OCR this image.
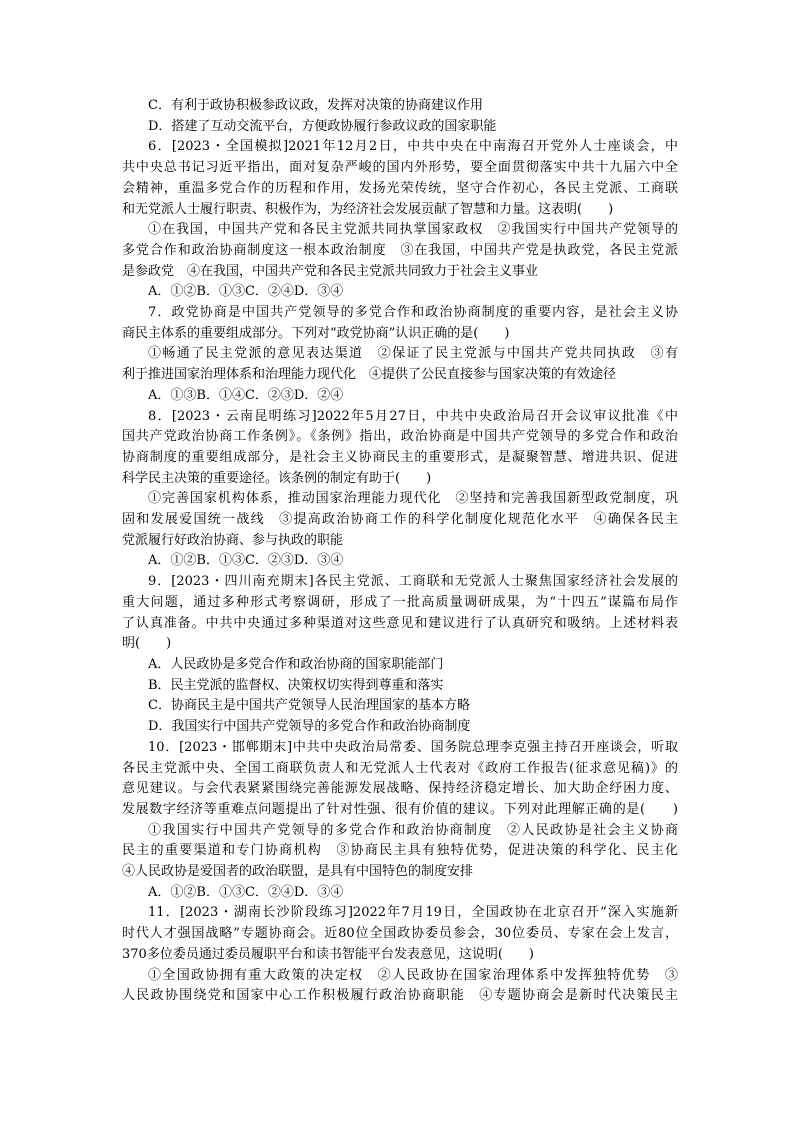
C．有利于政协积极参政议政，发挥对决策的协商建议作用
D．搭建了互动交流平台，方便政协履行参政议政的国家职能
6．[2023・全国模拟]2021年12月2日，中共中央在中南海召开党外人士座谈会，中
共中央总书记习近平指出，面对复杂严峻的国内外形势，要全面贯彻落实中共十九届六中全
会精神，重温多党合作的历程和作用，发扬光荣传统，坚守合作初心，各民主党派、工商联
和无党派人士履行职责、积极作为，为经济社会发展贡献了智慧和力量。这表明(　　)
①在我国，中国共产党和各民主党派共同执掌国家政权　②我国实行中国共产党领导的
多党合作和政治协商制度这一根本政治制度　③在我国，中国共产党是执政党，各民主党派
是参政党　④在我国，中国共产党和各民主党派共同致力于社会主义事业
A．①②B．①③C．②④D．③④
7．政党协商是中国共产党领导的多党合作和政治协商制度的重要内容，是社会主义协
商民主体系的重要组成部分。下列对“政党协商”认识正确的是(　　)
①畅通了民主党派的意见表达渠道　②保证了民主党派与中国共产党共同执政　③有
利于推进国家治理体系和治理能力现代化　④提供了公民直接参与国家决策的有效途径
A．①③B．①④C．②③D．②④
8．[2023・云南昆明练习]2022年5月27日，中共中央政治局召开会议审议批准《中
国共产党政治协商工作条例》。《条例》指出，政治协商是中国共产党领导的多党合作和政治
协商制度的重要组成部分，是社会主义协商民主的重要形式，是凝聚智慧、增进共识、促进
科学民主决策的重要途径。该条例的制定有助于(　　)
①完善国家机构体系，推动国家治理能力现代化　②坚持和完善我国新型政党制度，巩
固和发展爱国统一战线　③提高政治协商工作的科学化制度化规范化水平　④确保各民主
党派履行好政治协商、参与执政的职能
A．①②B．①③C．②③D．③④
9．[2023・四川南充期末]各民主党派、工商联和无党派人士聚焦国家经济社会发展的
重大问题，通过多种形式考察调研，形成了一批高质量调研成果，为“十四五”谋篇布局作
了认真准备。中共中央通过多种渠道对这些意见和建议进行了认真研究和吸纳。上述材料表
明(　　)
A．人民政协是多党合作和政治协商的国家职能部门
B．民主党派的监督权、决策权切实得到尊重和落实
C．协商民主是中国共产党领导人民治理国家的基本方略
D．我国实行中国共产党领导的多党合作和政治协商制度
10．[2023・邯郸期末]中共中央政治局常委、国务院总理李克强主持召开座谈会，听取
各民主党派中央、全国工商联负责人和无党派人士代表对《政府工作报告(征求意见稿)》的
意见建议。与会代表紧紧围绕完善能源发展战略、保持经济稳定增长、加大助企纾困力度、
发展数字经济等重难点问题提出了针对性强、很有价值的建议。下列对此理解正确的是(　　)
①我国实行中国共产党领导的多党合作和政治协商制度　②人民政协是社会主义协商
民主的重要渠道和专门协商机构　③协商民主具有独特优势，促进决策的科学化、民主化
④人民政协是爱国者的政治联盟，是具有中国特色的制度安排
A．①②B．①③C．②④D．③④
11．[2023・湖南长沙阶段练习]2022年7月19日，全国政协在北京召开“深入实施新
时代人才强国战略”专题协商会。近80位全国政协委员参会，30位委员、专家在会上发言，
370多位委员通过委员履职平台和读书智能平台发表意见，这说明(　　)
①全国政协拥有重大政策的决定权　②人民政协在国家治理体系中发挥独特优势　③
人民政协围绕党和国家中心工作积极履行政治协商职能　④专题协商会是新时代决策民主
